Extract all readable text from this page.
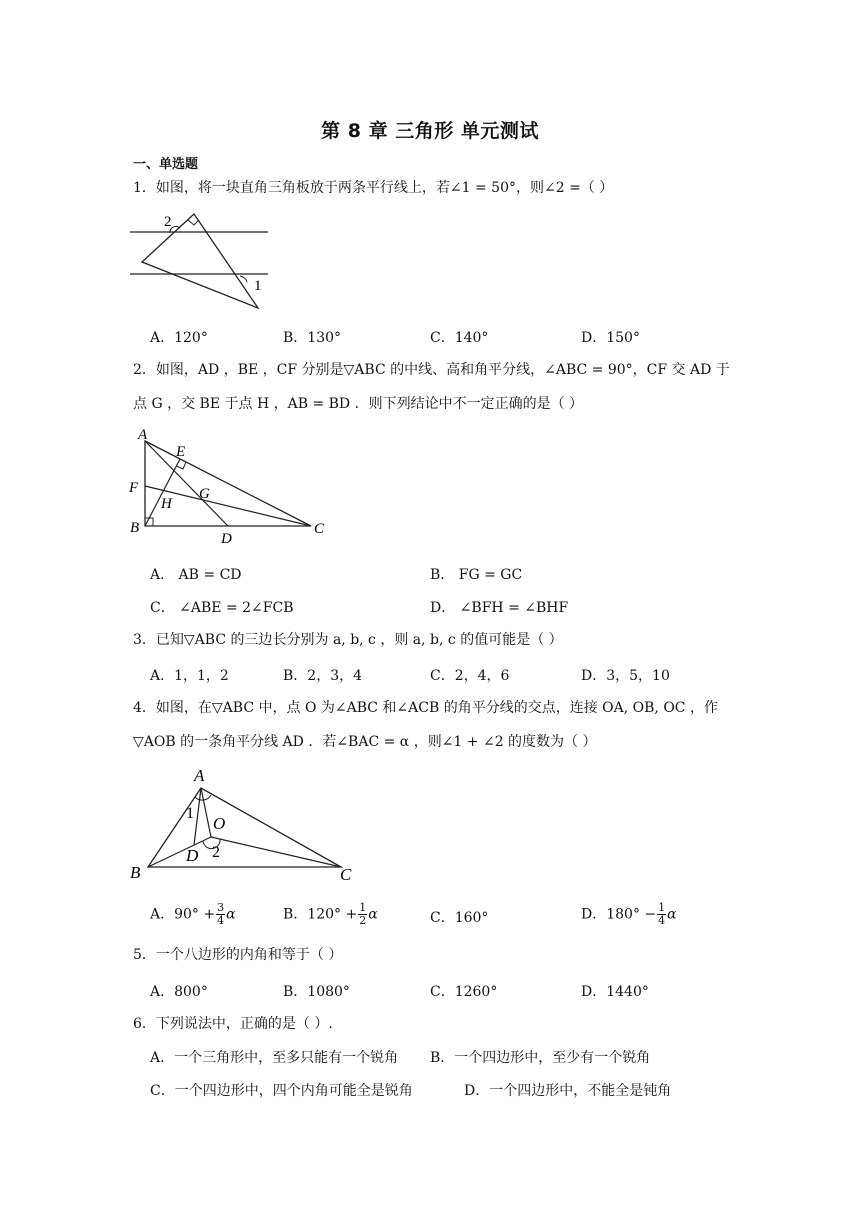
第 8 章 三角形 单元测试
一、单选题
1．如图，将一块直角三角板放于两条平行线上，若∠1 = 50°，则∠2 =（ ）
2
1
A．120°	B．130°	C．140°	D．150°
2．如图，AD ，BE ，CF 分别是▽ABC 的中线、高和角平分线，∠ABC = 90°，CF 交 AD 于
点 G ，交 BE 于点 H ，AB = BD ．则下列结论中不一定正确的是（ ）
A
E
F	G
H
B
D
C
A． AB = CD	B． FG = GC
C． ∠ABE = 2∠FCB	D． ∠BFH = ∠BHF
3．已知▽ABC 的三边长分别为 a, b, c ，则 a, b, c 的值可能是（ ）
A．1，1，2	B．2，3，4	C．2，4，6	D．3，5，10
4．如图，在▽ABC 中，点 O 为∠ABC 和∠ACB 的角平分线的交点，连接 OA, OB, OC ，作
▽AOB 的一条角平分线 AD ．若∠BAC = α ，则∠1 + ∠2 的度数为（ ）
A
B	C
O
D
1
2
A．$90^\circ + \frac{3}{4}$ α	B．$120^\circ + \frac{1}{2}$ α	C．160°	D．$180^\circ - \frac{1}{4}$ α
5．一个八边形的内角和等于（ ）
A．800°	B．1080°	C．1260°	D．1440°
6．下列说法中，正确的是（ ）.
A．一个三角形中，至多只能有一个锐角 B．一个四边形中，至少有一个锐角
C．一个四边形中，四个内角可能全是锐角	D．一个四边形中，不能全是钝角
